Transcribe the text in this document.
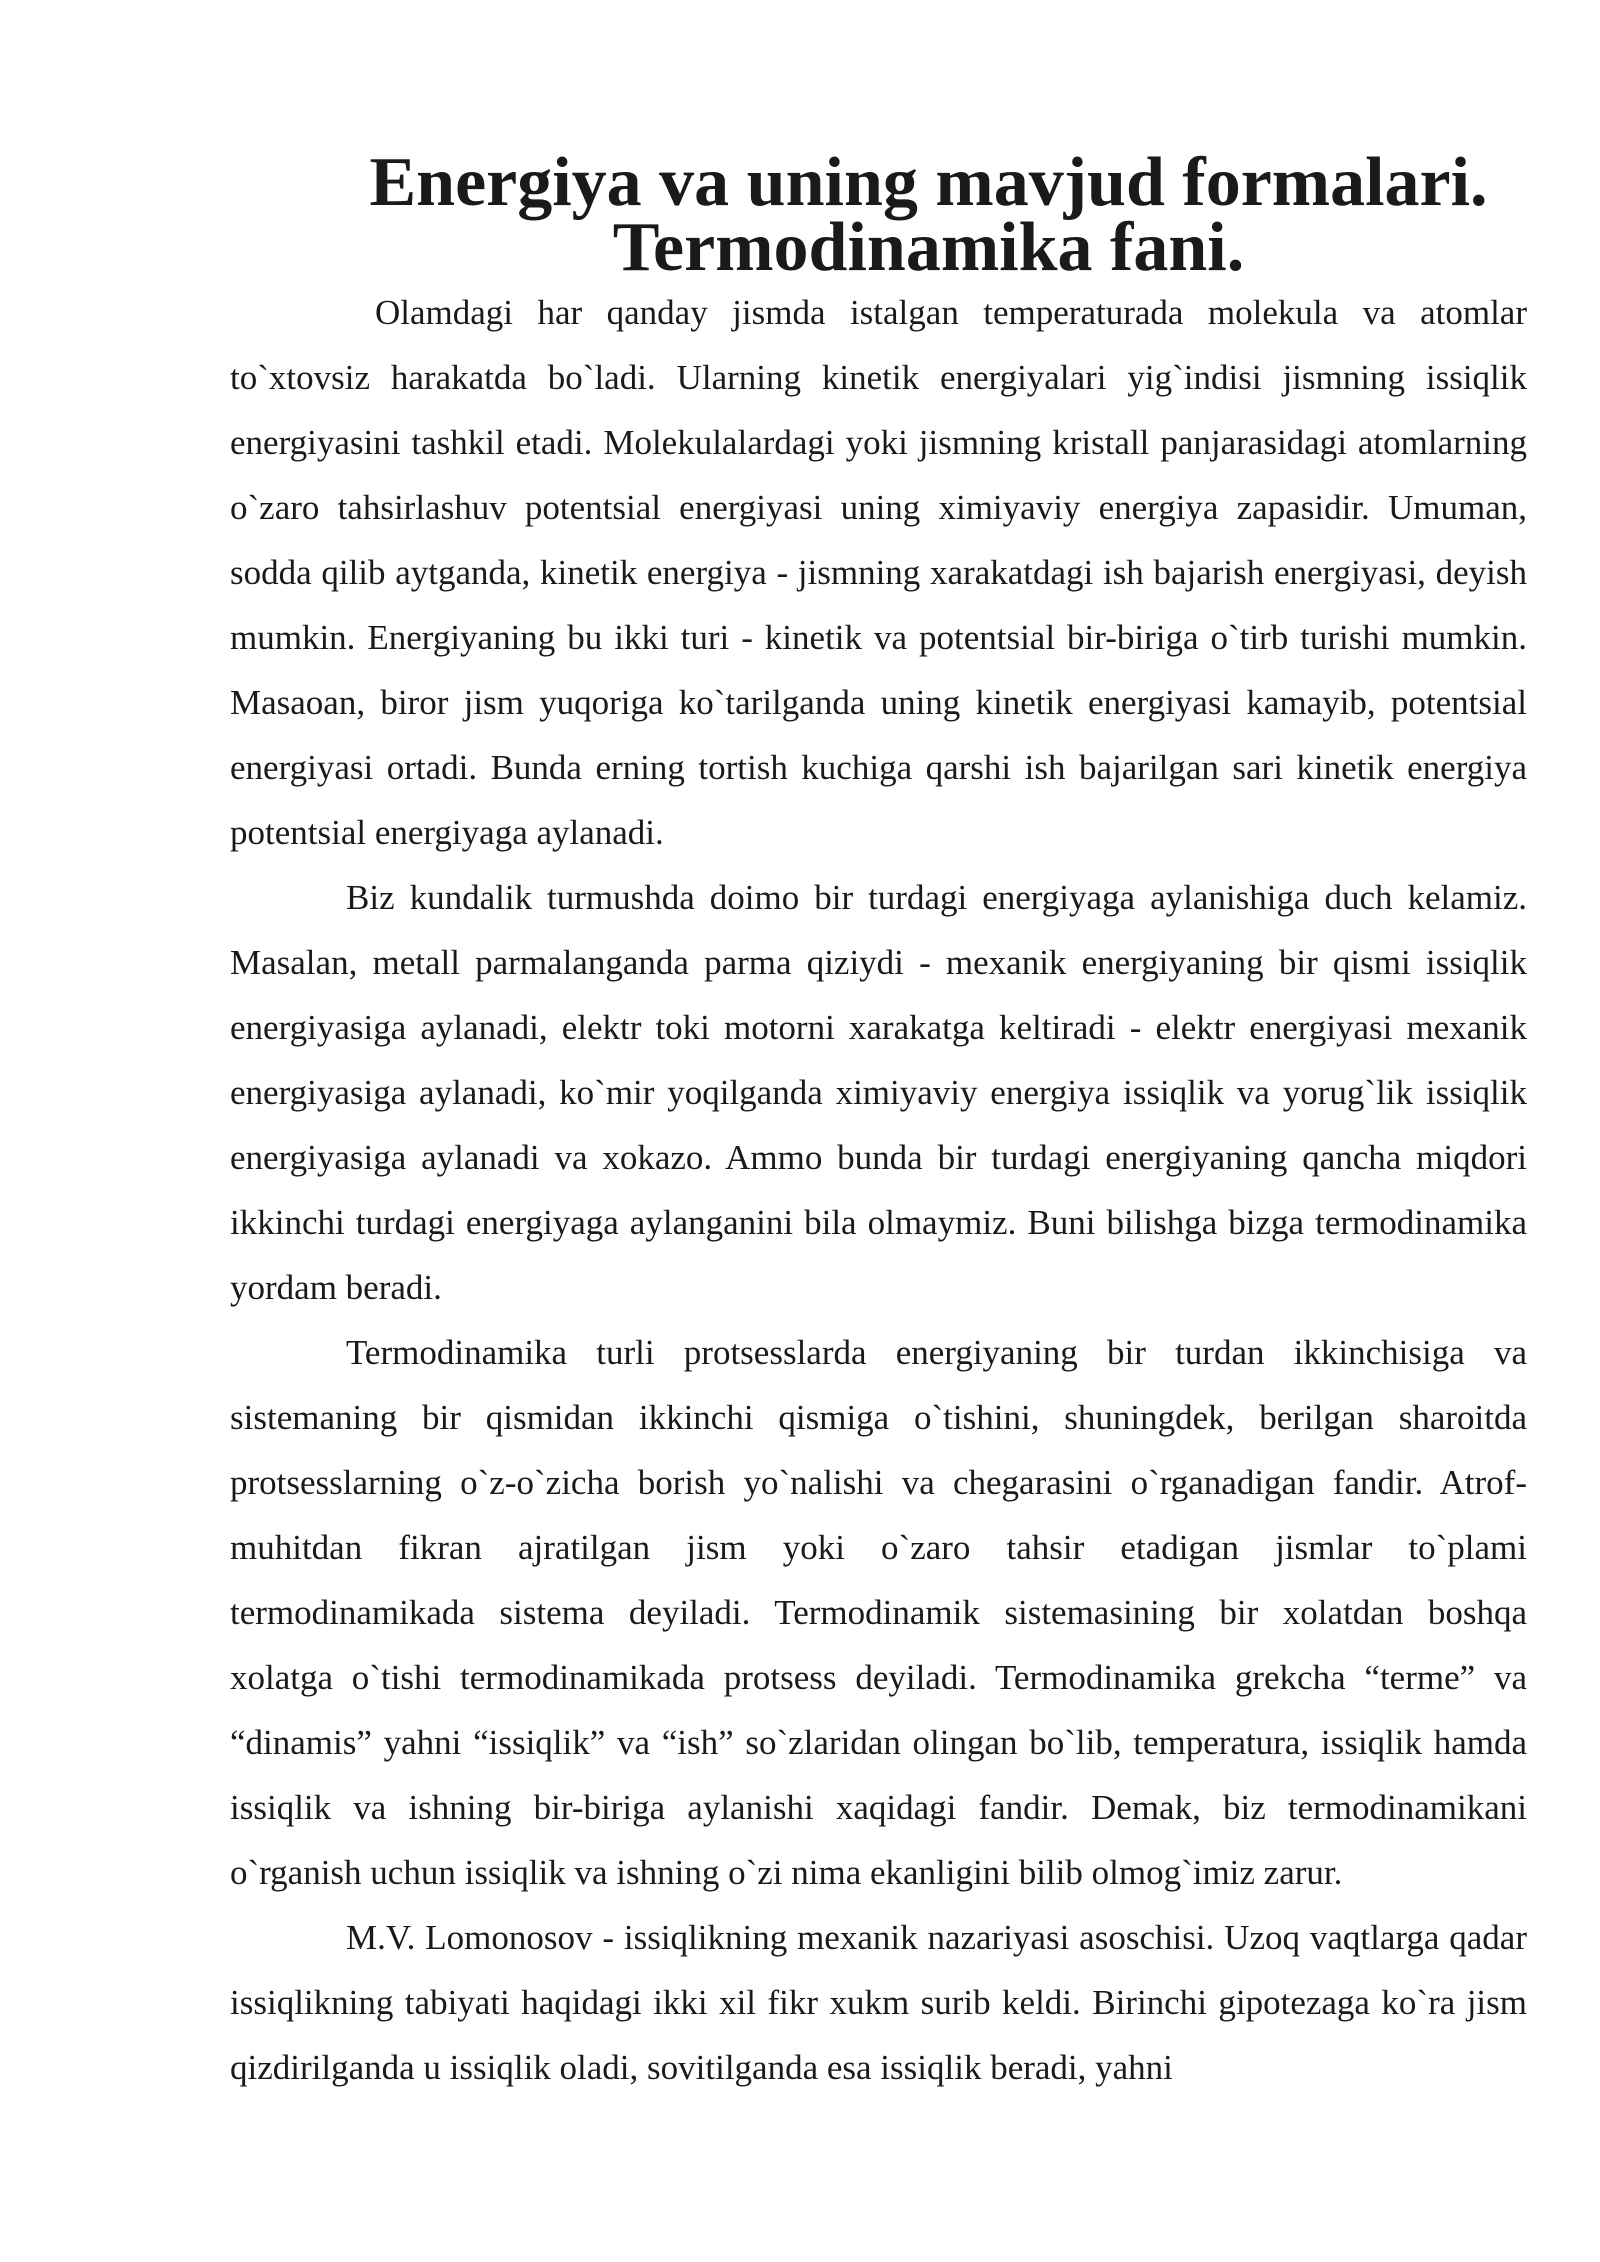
Energiya va uning mavjud formalari. Termodinamika fani.

Olamdagi har qanday jismda istalgan temperaturada molekula va atomlar to`xtovsiz harakatda bo`ladi. Ularning kinetik energiyalari yig`indisi jismning issiqlik energiyasini tashkil etadi. Molekulalardagi yoki jismning kristall panjarasidagi atomlarning o`zaro tahsirlashuv potentsial energiyasi uning ximiyaviy energiya zapasidir. Umuman, sodda qilib aytganda, kinetik energiya - jismning xarakatdagi ish bajarish energiyasi, deyish mumkin. Energiyaning bu ikki turi - kinetik va potentsial bir-biriga o`tirb turishi mumkin. Masaoan, biror jism yuqoriga ko`tarilganda uning kinetik energiyasi kamayib, potentsial energiyasi ortadi. Bunda erning tortish kuchiga qarshi ish bajarilgan sari kinetik energiya potentsial energiyaga aylanadi.

Biz kundalik turmushda doimo bir turdagi energiyaga aylanishiga duch kelamiz. Masalan, metall parmalanganda parma qiziydi - mexanik energiyaning bir qismi issiqlik energiyasiga aylanadi, elektr toki motorni xarakatga keltiradi - elektr energiyasi mexanik energiyasiga aylanadi, ko`mir yoqilganda ximiyaviy energiya issiqlik va yorug`lik issiqlik energiyasiga aylanadi va xokazo. Ammo bunda bir turdagi energiyaning qancha miqdori ikkinchi turdagi energiyaga aylanganini bila olmaymiz. Buni bilishga bizga termodinamika yordam beradi.

Termodinamika turli protsesslarda energiyaning bir turdan ikkinchisiga va sistemaning bir qismidan ikkinchi qismiga o`tishini, shuningdek, berilgan sharoitda protsesslarning o`z-o`zicha borish yo`nalishi va chegarasini o`rganadigan fandir. Atrof-muhitdan fikran ajratilgan jism yoki o`zaro tahsir etadigan jismlar to`plami termodinamikada sistema deyiladi. Termodinamik sistemasining bir xolatdan boshqa xolatga o`tishi termodinamikada protsess deyiladi. Termodinamika grekcha “terme” va “dinamis” yahni “issiqlik” va “ish” so`zlaridan olingan bo`lib, temperatura, issiqlik hamda issiqlik va ishning bir-biriga aylanishi xaqidagi fandir. Demak, biz termodinamikani o`rganish uchun issiqlik va ishning o`zi nima ekanligini bilib olmog`imiz zarur.

M.V. Lomonosov - issiqlikning mexanik nazariyasi asoschisi. Uzoq vaqtlarga qadar issiqlikning tabiyati haqidagi ikki xil fikr xukm surib keldi. Birinchi gipotezaga ko`ra jism qizdirilganda u issiqlik oladi, sovitilganda esa issiqlik beradi, yahni
